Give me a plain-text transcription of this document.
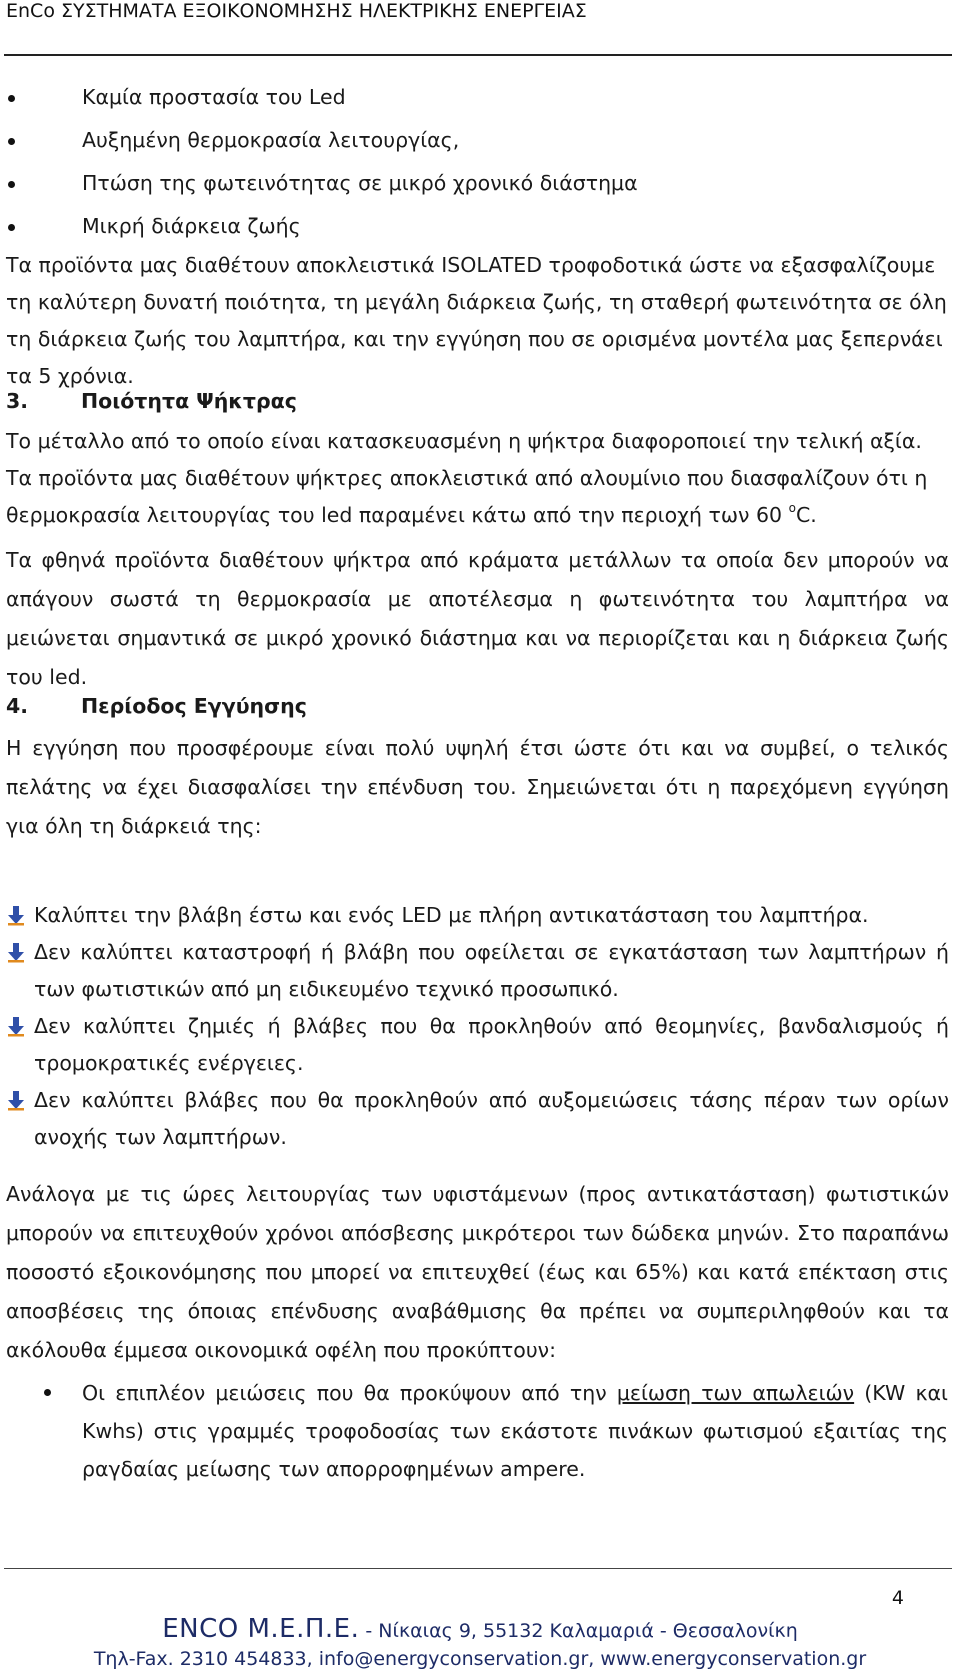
EnCo ΣΥΣΤΗΜΑΤΑ ΕΞΟΙΚΟΝΟΜΗΣΗΣ ΗΛΕΚΤΡΙΚΗΣ ΕΝΕΡΓΕΙΑΣ
Καμία προστασία του Led
Αυξημένη θερμοκρασία λειτουργίας,
Πτώση της φωτεινότητας σε μικρό χρονικό διάστημα
Μικρή διάρκεια ζωής
Τα προϊόντα μας διαθέτουν αποκλειστικά ISOLATED τροφοδοτικά ώστε να εξασφαλίζουμε τη καλύτερη δυνατή ποιότητα, τη μεγάλη διάρκεια ζωής, τη σταθερή φωτεινότητα σε όλη τη διάρκεια ζωής του λαμπτήρα, και την εγγύηση που σε ορισμένα μοντέλα μας ξεπερνάει τα 5 χρόνια.
3.	Ποιότητα Ψήκτρας
Το μέταλλο από το οποίο είναι κατασκευασμένη η ψήκτρα διαφοροποιεί την τελική αξία. Τα προϊόντα μας διαθέτουν ψήκτρες αποκλειστικά από αλουμίνιο που διασφαλίζουν ότι η θερμοκρασία λειτουργίας του led παραμένει κάτω από την περιοχή των 60 $^o$C.
Τα φθηνά προϊόντα διαθέτουν ψήκτρα από κράματα μετάλλων τα οποία δεν μπορούν να απάγουν σωστά τη θερμοκρασία με αποτέλεσμα η φωτεινότητα του λαμπτήρα να μειώνεται σημαντικά σε μικρό χρονικό διάστημα και να περιορίζεται και η διάρκεια ζωής του led.
4.	Περίοδος Εγγύησης
Η εγγύηση που προσφέρουμε είναι πολύ υψηλή έτσι ώστε ότι και να συμβεί, ο τελικός πελάτης να έχει διασφαλίσει την επένδυση του. Σημειώνεται ότι η παρεχόμενη εγγύηση για όλη τη διάρκειά της:
Καλύπτει την βλάβη έστω και ενός LED με πλήρη αντικατάσταση του λαμπτήρα.
Δεν καλύπτει καταστροφή ή βλάβη που οφείλεται σε εγκατάσταση των λαμπτήρων ή των φωτιστικών από μη ειδικευμένο τεχνικό προσωπικό.
Δεν καλύπτει ζημιές ή βλάβες που θα προκληθούν από θεομηνίες, βανδαλισμούς ή τρομοκρατικές ενέργειες.
Δεν καλύπτει βλάβες που θα προκληθούν από αυξομειώσεις τάσης πέραν των ορίων ανοχής των λαμπτήρων.
Ανάλογα με τις ώρες λειτουργίας των υφιστάμενων (προς αντικατάσταση) φωτιστικών μπορούν να επιτευχθούν χρόνοι απόσβεσης μικρότεροι των δώδεκα μηνών. Στο παραπάνω ποσοστό εξοικονόμησης που μπορεί να επιτευχθεί (έως και 65%) και κατά επέκταση στις αποσβέσεις της όποιας επένδυσης αναβάθμισης θα πρέπει να συμπεριληφθούν και τα ακόλουθα έμμεσα οικονομικά οφέλη που προκύπτουν:
Οι επιπλέον μειώσεις που θα προκύψουν από την μείωση των απωλειών (KW και Kwhs) στις γραμμές τροφοδοσίας των εκάστοτε πινάκων φωτισμού εξαιτίας της ραγδαίας μείωσης των απορροφημένων ampere.
4
ENCO Μ.Ε.Π.Ε. - Νίκαιας 9, 55132 Καλαμαριά - Θεσσαλονίκη
Τηλ-Fax. 2310 454833, info@energyconservation.gr, www.energyconservation.gr
